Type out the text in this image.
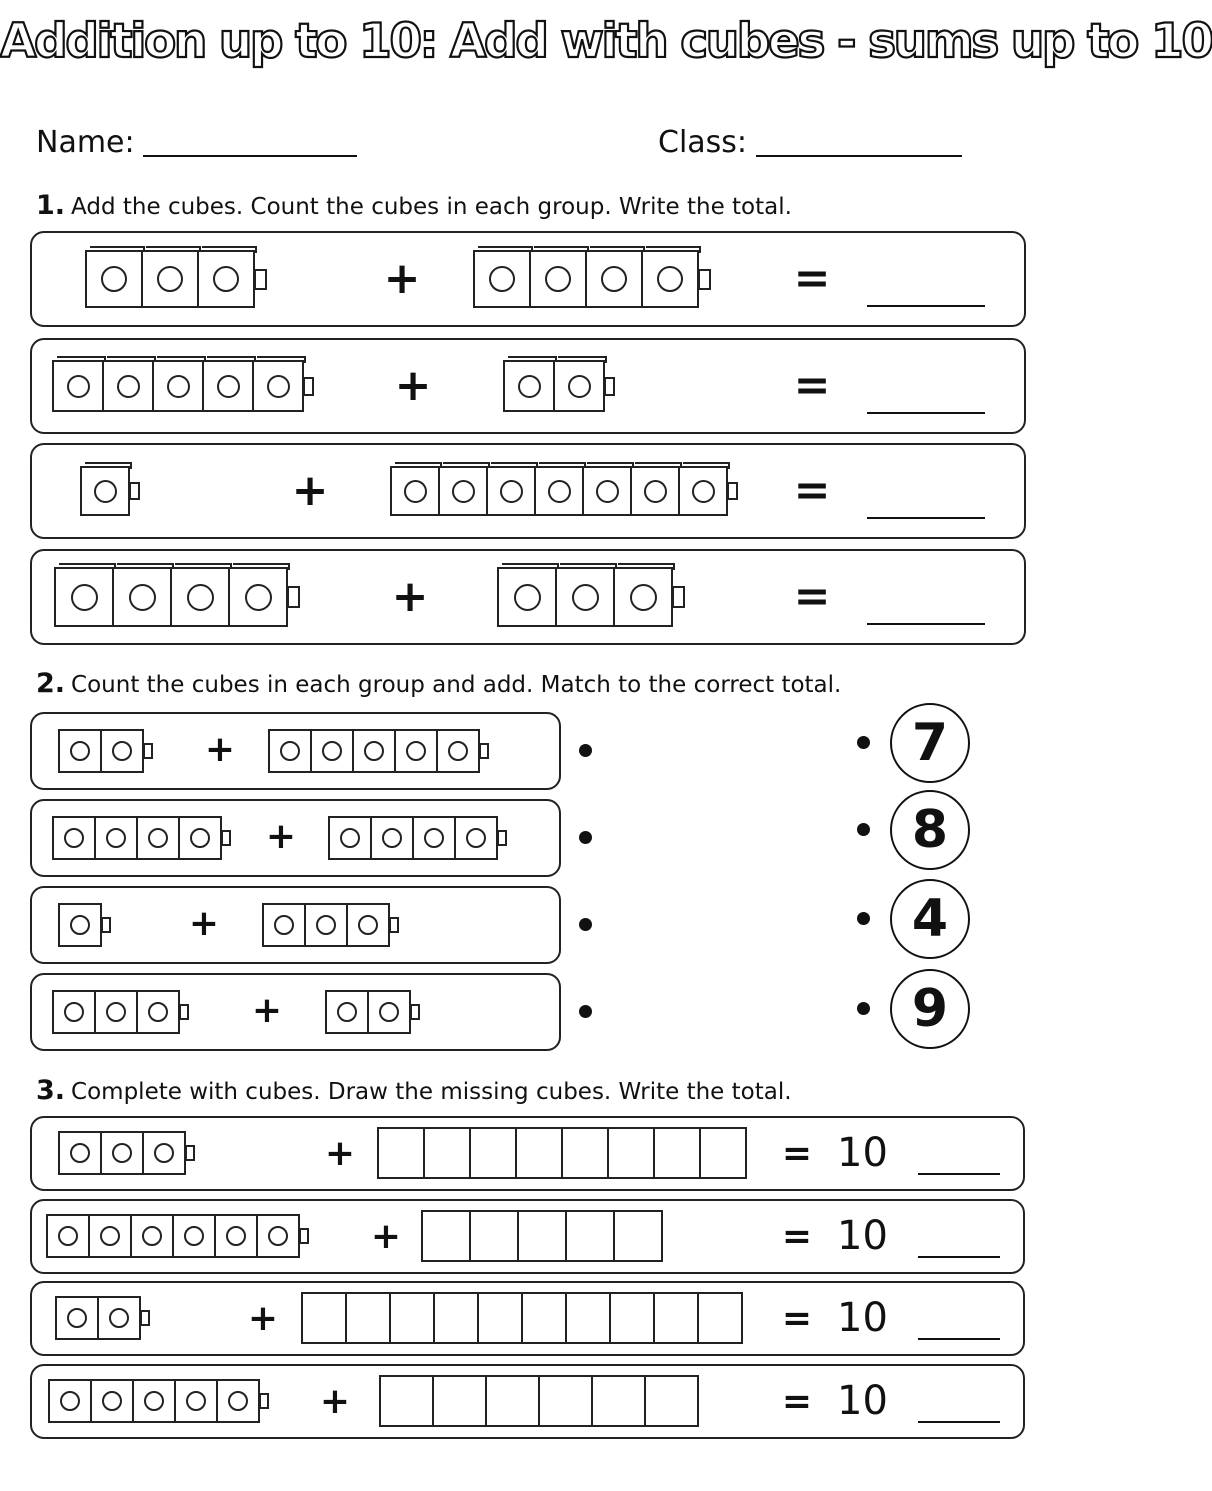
Addition up to 10: Add with cubes - sums up to 10
Name:	Class:
1. Add the cubes. Count the cubes in each group. Write the total.
+	=
+	=
+	=
+	=
2. Count the cubes in each group and add. Match to the correct total.
+
+
+
+
7
8
4
9
3. Complete with cubes. Draw the missing cubes. Write the total.
+	= 10
+	= 10
+	= 10
+	= 10
